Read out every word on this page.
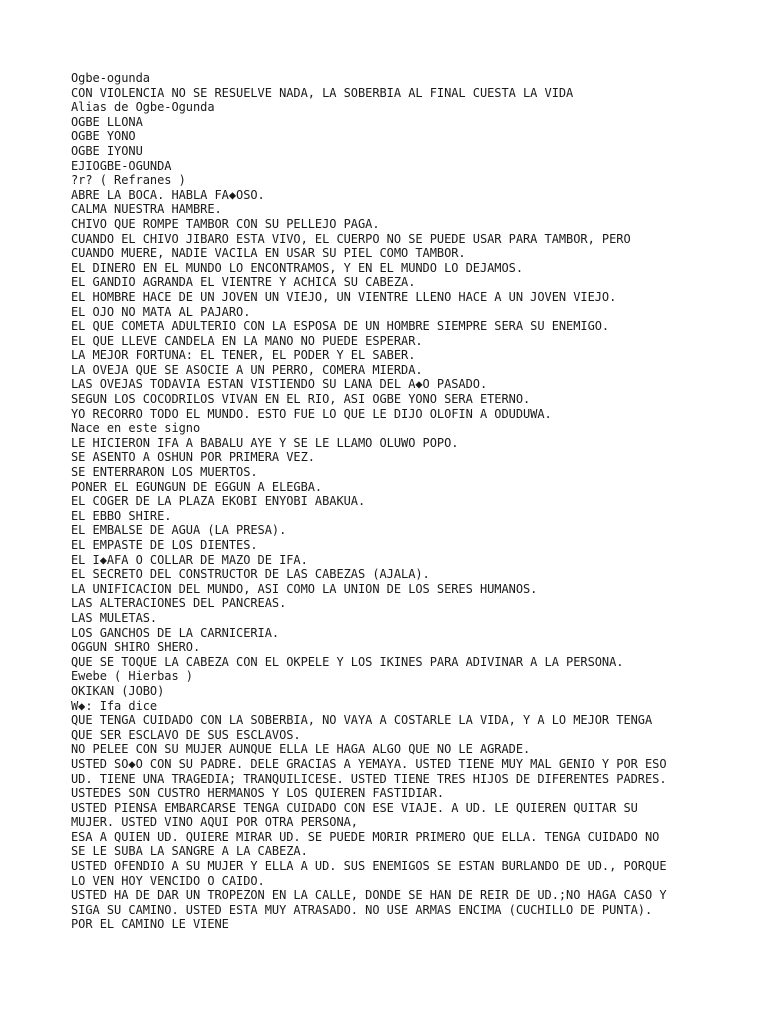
Ogbe-ogunda
CON VIOLENCIA NO SE RESUELVE NADA, LA SOBERBIA AL FINAL CUESTA LA VIDA
Alias de Ogbe-Ogunda
OGBE LLONA
OGBE YONO
OGBE IYONU
EJIOGBE-OGUNDA
?r? ( Refranes )
ABRE LA BOCA. HABLA FA◆OSO.
CALMA NUESTRA HAMBRE.
CHIVO QUE ROMPE TAMBOR CON SU PELLEJO PAGA.
CUANDO EL CHIVO JIBARO ESTA VIVO, EL CUERPO NO SE PUEDE USAR PARA TAMBOR, PERO
CUANDO MUERE, NADIE VACILA EN USAR SU PIEL COMO TAMBOR.
EL DINERO EN EL MUNDO LO ENCONTRAMOS, Y EN EL MUNDO LO DEJAMOS.
EL GANDIO AGRANDA EL VIENTRE Y ACHICA SU CABEZA.
EL HOMBRE HACE DE UN JOVEN UN VIEJO, UN VIENTRE LLENO HACE A UN JOVEN VIEJO.
EL OJO NO MATA AL PAJARO.
EL QUE COMETA ADULTERIO CON LA ESPOSA DE UN HOMBRE SIEMPRE SERA SU ENEMIGO.
EL QUE LLEVE CANDELA EN LA MANO NO PUEDE ESPERAR.
LA MEJOR FORTUNA: EL TENER, EL PODER Y EL SABER.
LA OVEJA QUE SE ASOCIE A UN PERRO, COMERA MIERDA.
LAS OVEJAS TODAVIA ESTAN VISTIENDO SU LANA DEL A◆O PASADO.
SEGUN LOS COCODRILOS VIVAN EN EL RIO, ASI OGBE YONO SERA ETERNO.
YO RECORRO TODO EL MUNDO. ESTO FUE LO QUE LE DIJO OLOFIN A ODUDUWA.
Nace en este signo
LE HICIERON IFA A BABALU AYE Y SE LE LLAMO OLUWO POPO.
SE ASENTO A OSHUN POR PRIMERA VEZ.
SE ENTERRARON LOS MUERTOS.
PONER EL EGUNGUN DE EGGUN A ELEGBA.
EL COGER DE LA PLAZA EKOBI ENYOBI ABAKUA.
EL EBBO SHIRE.
EL EMBALSE DE AGUA (LA PRESA).
EL EMPASTE DE LOS DIENTES.
EL I◆AFA O COLLAR DE MAZO DE IFA.
EL SECRETO DEL CONSTRUCTOR DE LAS CABEZAS (AJALA).
LA UNIFICACION DEL MUNDO, ASI COMO LA UNION DE LOS SERES HUMANOS.
LAS ALTERACIONES DEL PANCREAS.
LAS MULETAS.
LOS GANCHOS DE LA CARNICERIA.
OGGUN SHIRO SHERO.
QUE SE TOQUE LA CABEZA CON EL OKPELE Y LOS IKINES PARA ADIVINAR A LA PERSONA.
Ewebe ( Hierbas )
OKIKAN (JOBO)
W◆: Ifa dice
QUE TENGA CUIDADO CON LA SOBERBIA, NO VAYA A COSTARLE LA VIDA, Y A LO MEJOR TENGA
QUE SER ESCLAVO DE SUS ESCLAVOS.
NO PELEE CON SU MUJER AUNQUE ELLA LE HAGA ALGO QUE NO LE AGRADE.
USTED SO◆O CON SU PADRE. DELE GRACIAS A YEMAYA. USTED TIENE MUY MAL GENIO Y POR ESO
UD. TIENE UNA TRAGEDIA; TRANQUILICESE. USTED TIENE TRES HIJOS DE DIFERENTES PADRES.
USTEDES SON CUSTRO HERMANOS Y LOS QUIEREN FASTIDIAR.
USTED PIENSA EMBARCARSE TENGA CUIDADO CON ESE VIAJE. A UD. LE QUIEREN QUITAR SU
MUJER. USTED VINO AQUI POR OTRA PERSONA,
ESA A QUIEN UD. QUIERE MIRAR UD. SE PUEDE MORIR PRIMERO QUE ELLA. TENGA CUIDADO NO
SE LE SUBA LA SANGRE A LA CABEZA.
USTED OFENDIO A SU MUJER Y ELLA A UD. SUS ENEMIGOS SE ESTAN BURLANDO DE UD., PORQUE
LO VEN HOY VENCIDO O CAIDO.
USTED HA DE DAR UN TROPEZON EN LA CALLE, DONDE SE HAN DE REIR DE UD.;NO HAGA CASO Y
SIGA SU CAMINO. USTED ESTA MUY ATRASADO. NO USE ARMAS ENCIMA (CUCHILLO DE PUNTA).
POR EL CAMINO LE VIENE
